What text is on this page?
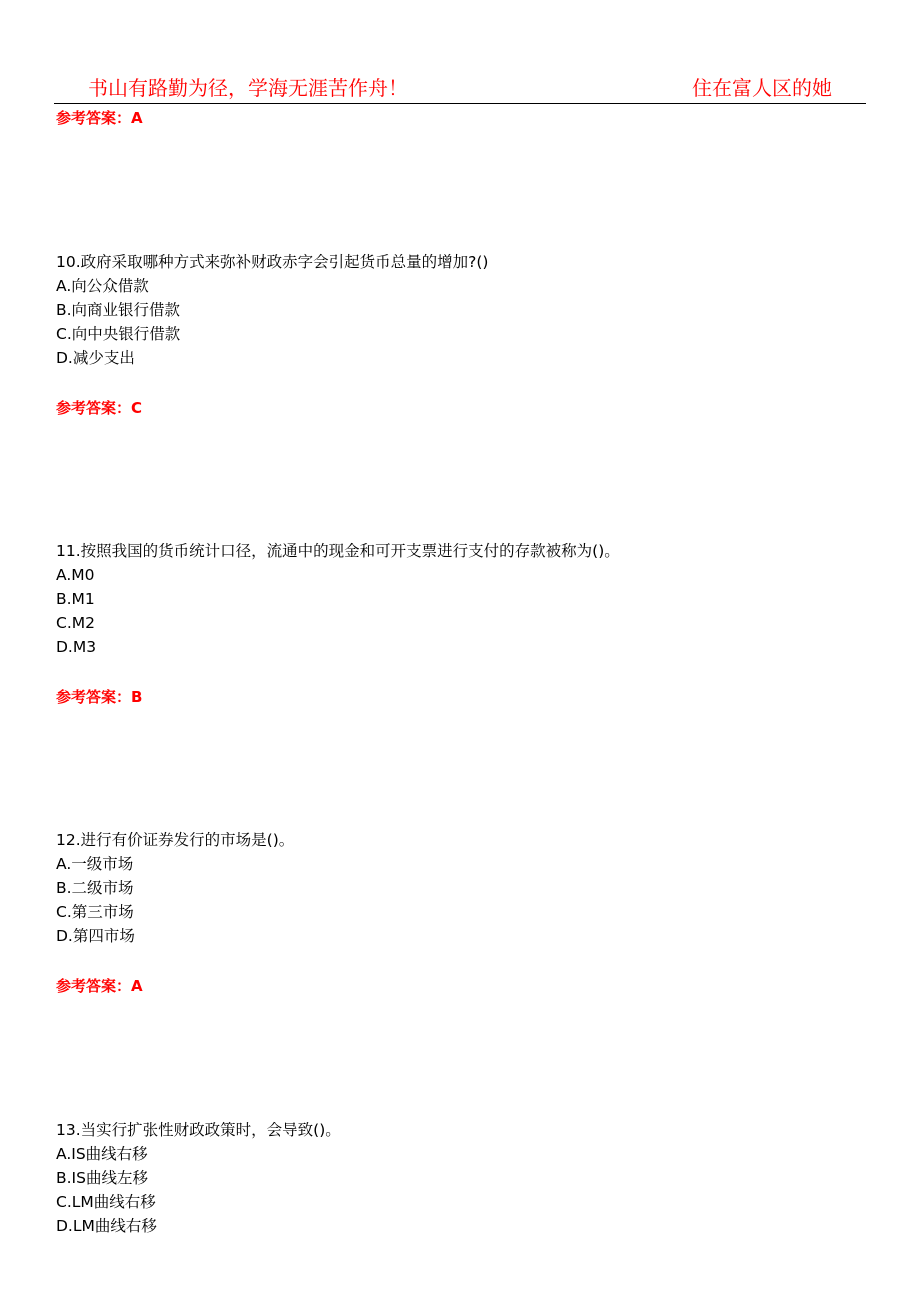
书山有路勤为径，学海无涯苦作舟！	住在富人区的她
参考答案：A
10.政府采取哪种方式来弥补财政赤字会引起货币总量的增加?()
A.向公众借款
B.向商业银行借款
C.向中央银行借款
D.减少支出
参考答案：C
11.按照我国的货币统计口径，流通中的现金和可开支票进行支付的存款被称为()。
A.M0
B.M1
C.M2
D.M3
参考答案：B
12.进行有价证券发行的市场是()。
A.一级市场
B.二级市场
C.第三市场
D.第四市场
参考答案：A
13.当实行扩张性财政政策时，会导致()。
A.IS曲线右移
B.IS曲线左移
C.LM曲线右移
D.LM曲线右移
